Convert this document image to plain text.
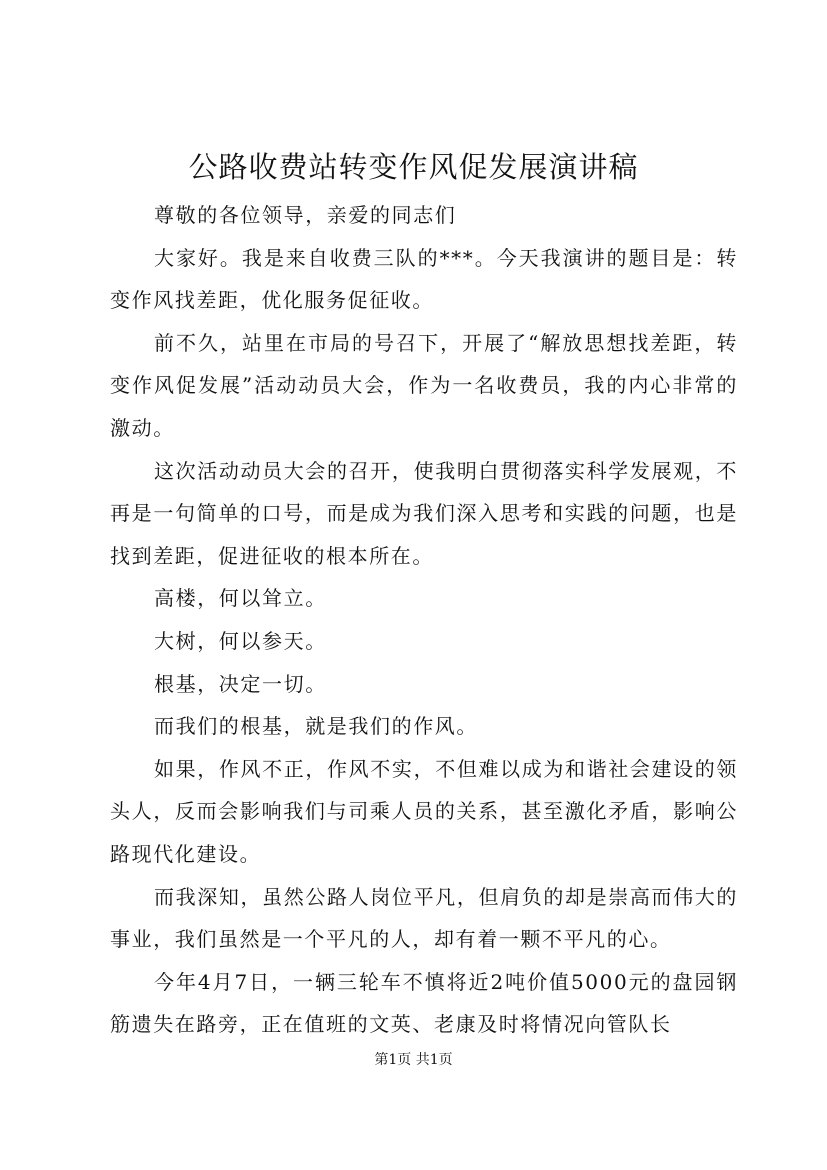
公路收费站转变作风促发展演讲稿

尊敬的各位领导，亲爱的同志们

大家好。我是来自收费三队的***。今天我演讲的题目是：转变作风找差距，优化服务促征收。

前不久，站里在市局的号召下，开展了“解放思想找差距，转变作风促发展”活动动员大会，作为一名收费员，我的内心非常的激动。

这次活动动员大会的召开，使我明白贯彻落实科学发展观，不再是一句简单的口号，而是成为我们深入思考和实践的问题，也是找到差距，促进征收的根本所在。

高楼，何以耸立。

大树，何以参天。

根基，决定一切。

而我们的根基，就是我们的作风。

如果，作风不正，作风不实，不但难以成为和谐社会建设的领头人，反而会影响我们与司乘人员的关系，甚至激化矛盾，影响公路现代化建设。

而我深知，虽然公路人岗位平凡，但肩负的却是崇高而伟大的事业，我们虽然是一个平凡的人，却有着一颗不平凡的心。

今年4月7日，一辆三轮车不慎将近2吨价值5000元的盘园钢筋遗失在路旁，正在值班的文英、老康及时将情况向管队长

第1页 共1页
